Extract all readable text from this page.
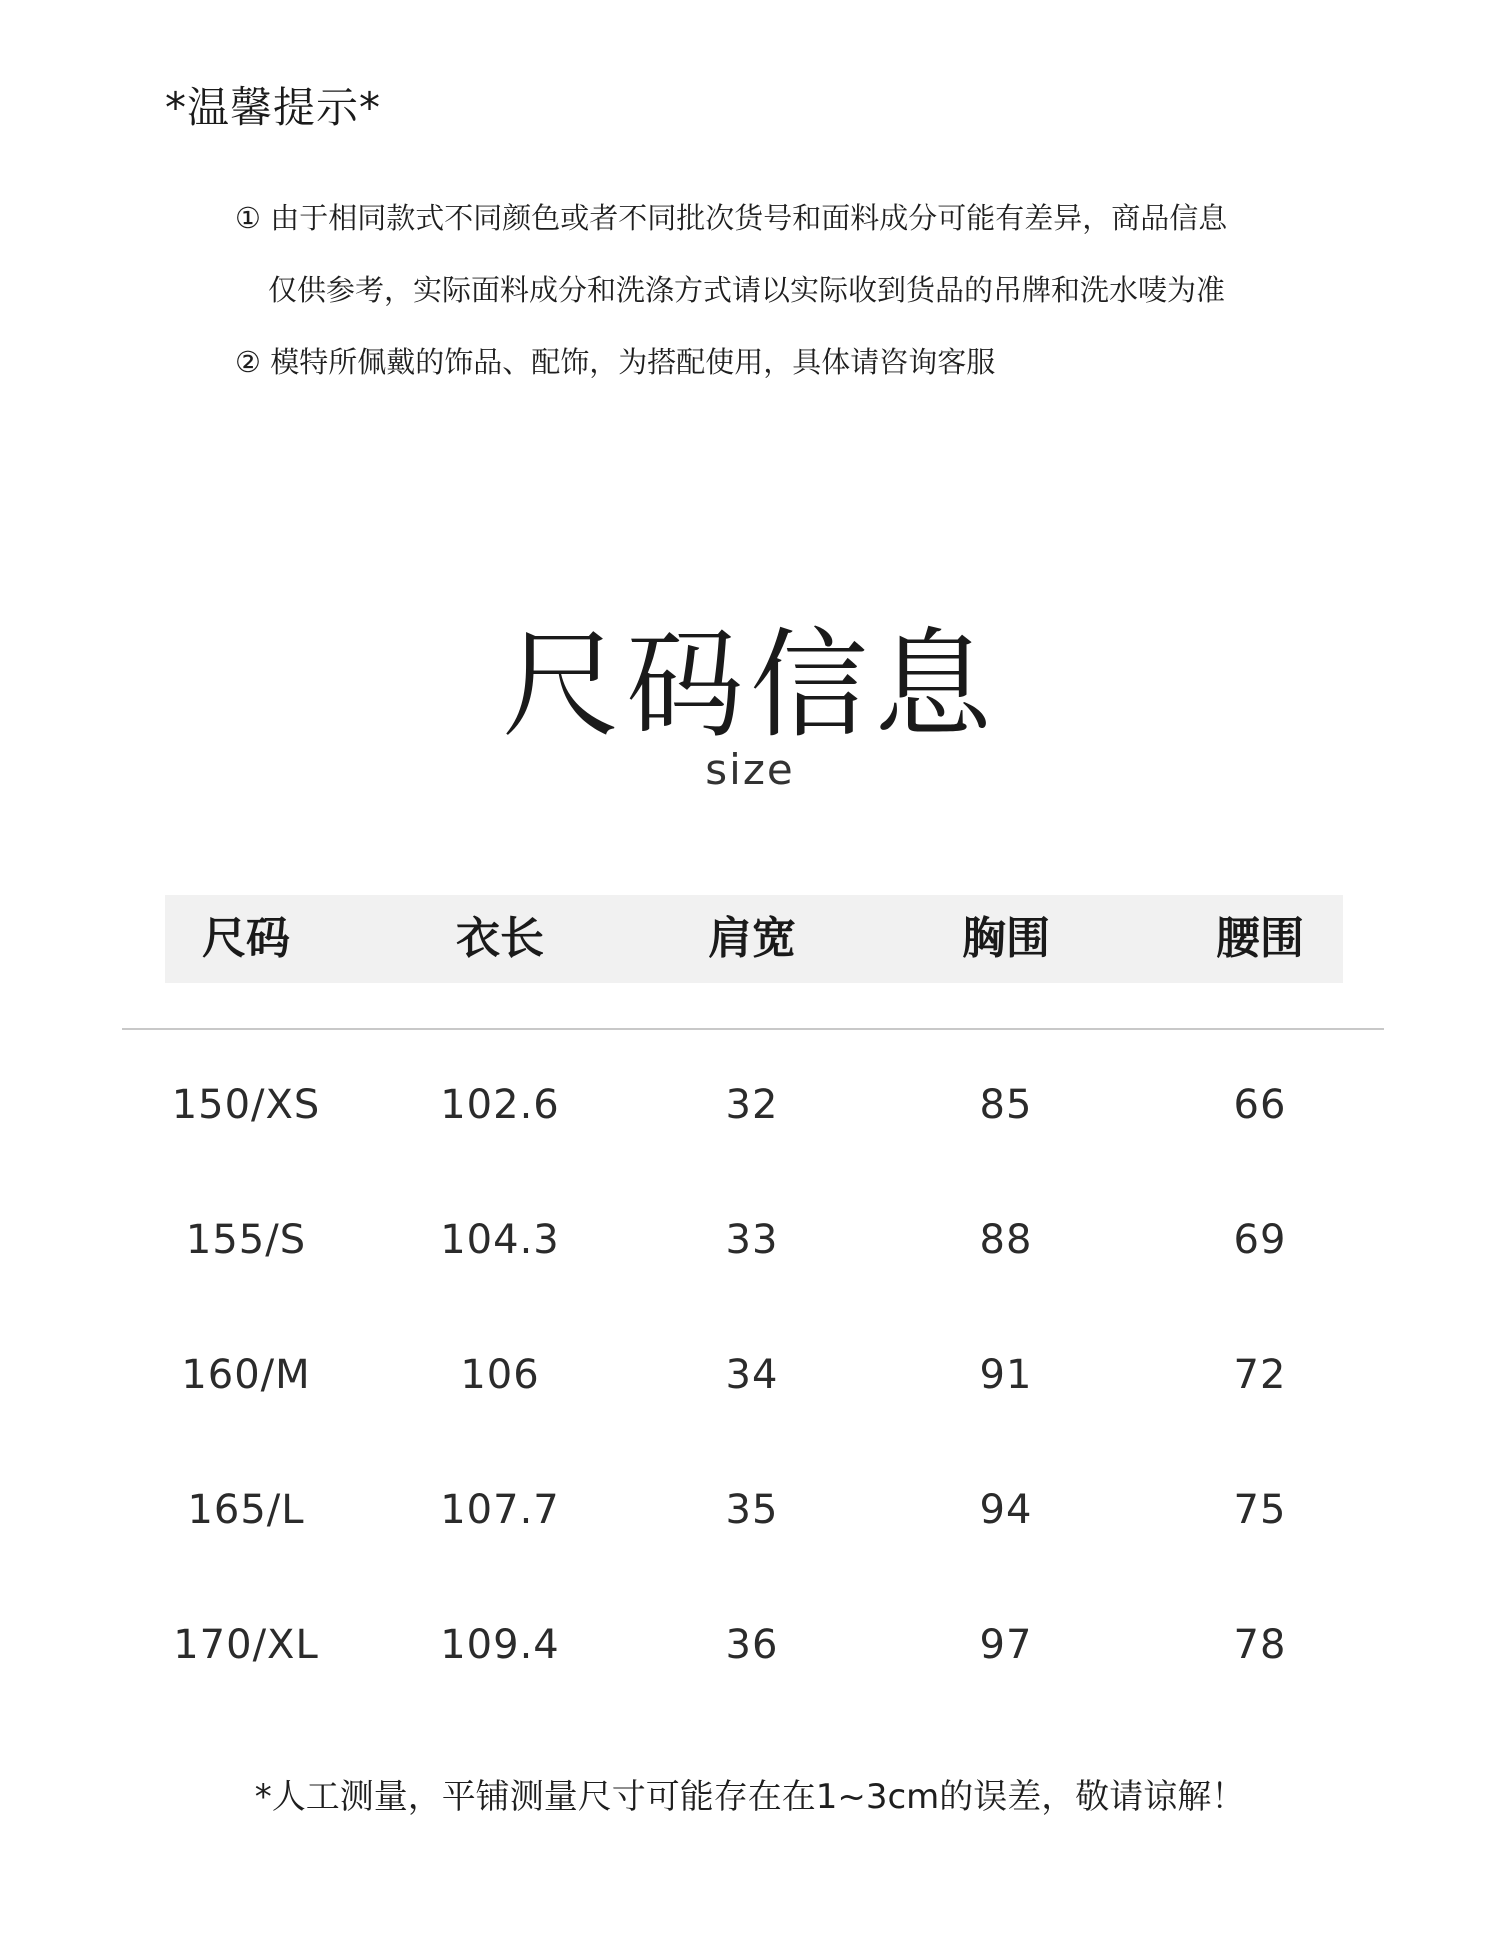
*温馨提示*
① 由于相同款式不同颜色或者不同批次货号和面料成分可能有差异，商品信息
仅供参考，实际面料成分和洗涤方式请以实际收到货品的吊牌和洗水唛为准
② 模特所佩戴的饰品、配饰，为搭配使用，具体请咨询客服
尺码信息
size
尺码	衣长	肩宽	胸围	腰围
150/XS	102.6	32	85	66
155/S	104.3	33	88	69
160/M	106	34	91	72
165/L	107.7	35	94	75
170/XL	109.4	36	97	78
*人工测量，平铺测量尺寸可能存在在1~3cm的误差，敬请谅解！
